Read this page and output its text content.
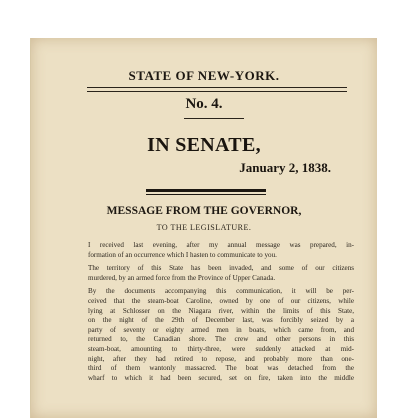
STATE OF NEW-YORK.
No. 4.
IN SENATE,
January 2, 1838.
MESSAGE FROM THE GOVERNOR,
TO THE LEGISLATURE.

I received last evening, after my annual message was prepared, in-
formation of an occurrence which I hasten to communicate to you.

The territory of this State has been invaded, and some of our citizens
murdered, by an armed force from the Province of Upper Canada.

By the documents accompanying this communication, it will be per-
ceived that the steam-boat Caroline, owned by one of our citizens, while
lying at Schlosser on the Niagara river, within the limits of this State,
on the night of the 29th of December last, was forcibly seized by a
party of seventy or eighty armed men in boats, which came from, and
returned to, the Canadian shore. The crew and other persons in this
steam-boat, amounting to thirty-three, were suddenly attacked at mid-
night, after they had retired to repose, and probably more than one-
third of them wantonly massacred. The boat was detached from the
wharf to which it had been secured, set on fire, taken into the middle
